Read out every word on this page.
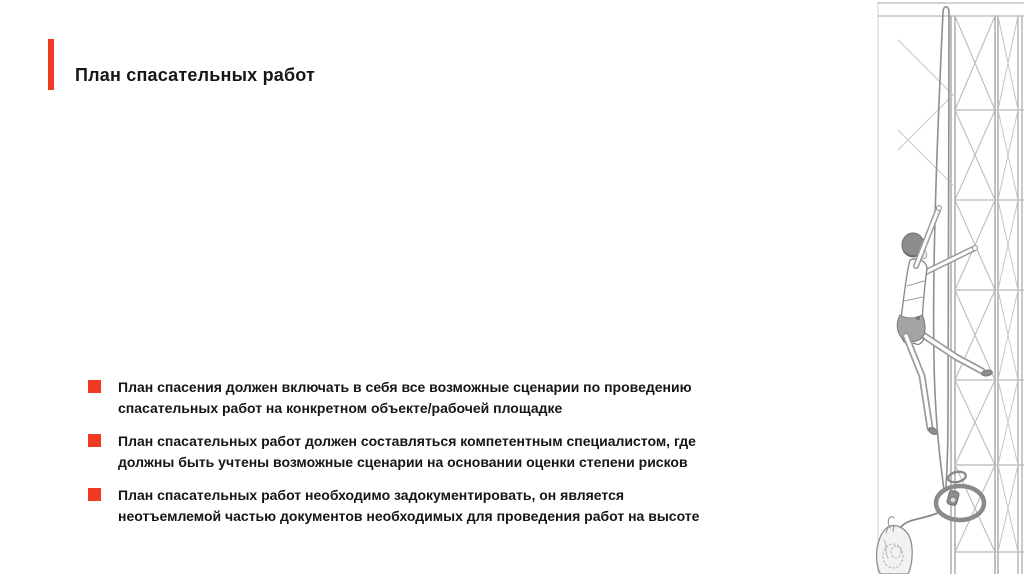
План спасательных работ
План спасения должен включать в себя все возможные сценарии по проведению
спасательных работ на конкретном объекте/рабочей площадке
План спасательных работ должен составляться компетентным специалистом, где
должны быть учтены возможные сценарии на основании оценки степени рисков
План спасательных работ необходимо задокументировать, он является
неотъемлемой частью документов необходимых для проведения работ на высоте
